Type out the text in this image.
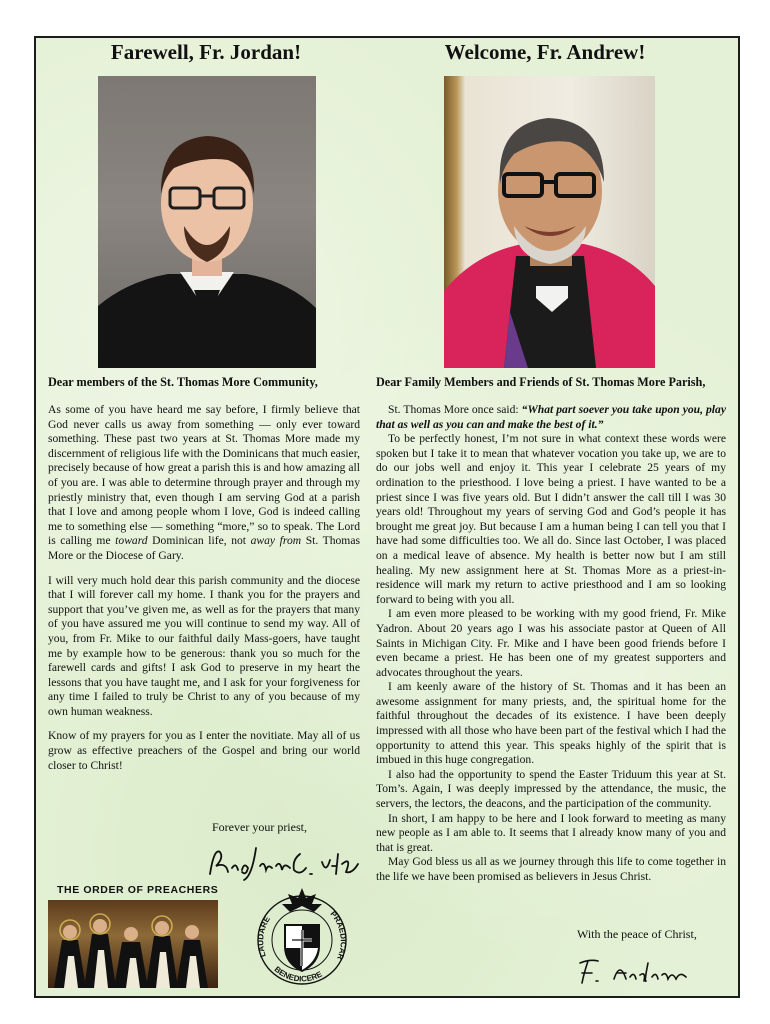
Farewell, Fr. Jordan!	Welcome, Fr. Andrew!
Dear members of the St. Thomas More Community,	Dear Family Members and Friends of St. Thomas More Parish,

As some of you have heard me say before, I firmly believe that God never calls us away from something — only ever toward something. These past two years at St. Thomas More made my discernment of religious life with the Dominicans that much easier, precisely because of how great a parish this is and how amazing all of you are. I was able to determine through prayer and through my priestly ministry that, even though I am serving God at a parish that I love and among people whom I love, God is indeed calling me to something else — something “more,” so to speak. The Lord is calling me toward Dominican life, not away from St. Thomas More or the Diocese of Gary.

I will very much hold dear this parish community and the diocese that I will forever call my home. I thank you for the prayers and support that you’ve given me, as well as for the prayers that many of you have assured me you will continue to send my way. All of you, from Fr. Mike to our faithful daily Mass-goers, have taught me by example how to be generous: thank you so much for the farewell cards and gifts! I ask God to preserve in my heart the lessons that you have taught me, and I ask for your forgiveness for any time I failed to truly be Christ to any of you because of my own human weakness.

Know of my prayers for you as I enter the novitiate. May all of us grow as effective preachers of the Gospel and bring our world closer to Christ!

Forever your priest,

St. Thomas More once said: “What part soever you take upon you, play that as well as you can and make the best of it.”

To be perfectly honest, I’m not sure in what context these words were spoken but I take it to mean that whatever vocation you take up, we are to do our jobs well and enjoy it. This year I celebrate 25 years of my ordination to the priesthood. I love being a priest. I have wanted to be a priest since I was five years old. But I didn’t answer the call till I was 30 years old! Throughout my years of serving God and God’s people it has brought me great joy. But because I am a human being I can tell you that I have had some difficulties too. We all do. Since last October, I was placed on a medical leave of absence. My health is better now but I am still healing. My new assignment here at St. Thomas More as a priest-in-residence will mark my return to active priesthood and I am so looking forward to being with you all.

I am even more pleased to be working with my good friend, Fr. Mike Yadron. About 20 years ago I was his associate pastor at Queen of All Saints in Michigan City. Fr. Mike and I have been good friends before I even became a priest. He has been one of my greatest supporters and advocates throughout the years.

I am keenly aware of the history of St. Thomas and it has been an awesome assignment for many priests, and, the spiritual home for the faithful throughout the decades of its existence. I have been deeply impressed with all those who have been part of the festival which I had the opportunity to attend this year. This speaks highly of the spirit that is imbued in this huge congregation.

I also had the opportunity to spend the Easter Triduum this year at St. Tom’s. Again, I was deeply impressed by the attendance, the music, the servers, the lectors, the deacons, and the participation of the community.

In short, I am happy to be here and I look forward to meeting as many new people as I am able to. It seems that I already know many of you and that is great.

May God bless us all as we journey through this life to come together in the life we have been promised as believers in Jesus Christ.

With the peace of Christ,
THE ORDER OF PREACHERS
LAUDARE
BENEDICERE
PRAEDICAR
